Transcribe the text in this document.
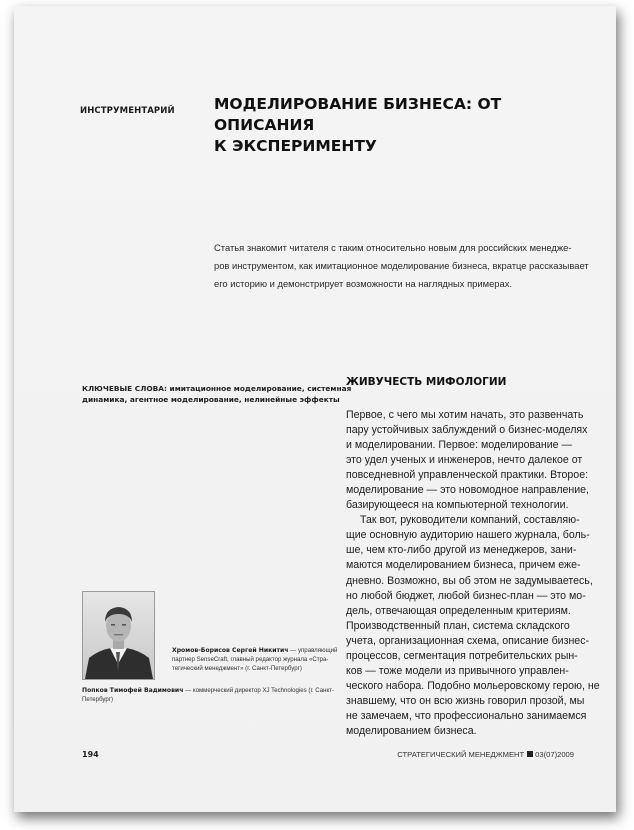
ИНСТРУМЕНТАРИЙ	МОДЕЛИРОВАНИЕ БИЗНЕСА: ОТ ОПИСАНИЯ
К ЭКСПЕРИМЕНТУ
Статья знакомит читателя с таким относительно новым для российских менедже-
ров инструментом, как имитационное моделирование бизнеса, вкратце рассказывает
его историю и демонстрирует возможности на наглядных примерах.
КЛЮЧЕВЫЕ СЛОВА: имитационное моделирование, системная
динамика, агентное моделирование, нелинейные эффекты
ЖИВУЧЕСТЬ МИФОЛОГИИ
Первое, с чего мы хотим начать, это развенчать
пару устойчивых заблуждений о бизнес-моделях
и моделировании. Первое: моделирование —
это удел ученых и инженеров, нечто далекое от
повседневной управленческой практики. Второе:
моделирование — это новомодное направление,
базирующееся на компьютерной технологии.
Так вот, руководители компаний, составляю-
щие основную аудиторию нашего журнала, боль-
ше, чем кто-либо другой из менеджеров, зани-
маются моделированием бизнеса, причем еже-
дневно. Возможно, вы об этом не задумываетесь,
но любой бюджет, любой бизнес-план — это мо-
дель, отвечающая определенным критериям.
Производственный план, система складского
учета, организационная схема, описание бизнес-
процессов, сегментация потребительских рын-
ков — тоже модели из привычного управлен-
ческого набора. Подобно мольеровскому герою, не
знавшему, что он всю жизнь говорил прозой, мы
не замечаем, что профессионально занимаемся
моделированием бизнеса.
Хромов-Борисов Сергей Никитич — управляющий
партнер SenseCraft, главный редактор журнала «Стра-
тегический менеджмент» (г. Санкт-Петербург)
Попков Тимофей Вадимович — коммерческий директор XJ Technologies (г. Санкт-
Петербург)
194	СТРАТЕГИЧЕСКИЙ МЕНЕДЖМЕНТ 03(07)2009
